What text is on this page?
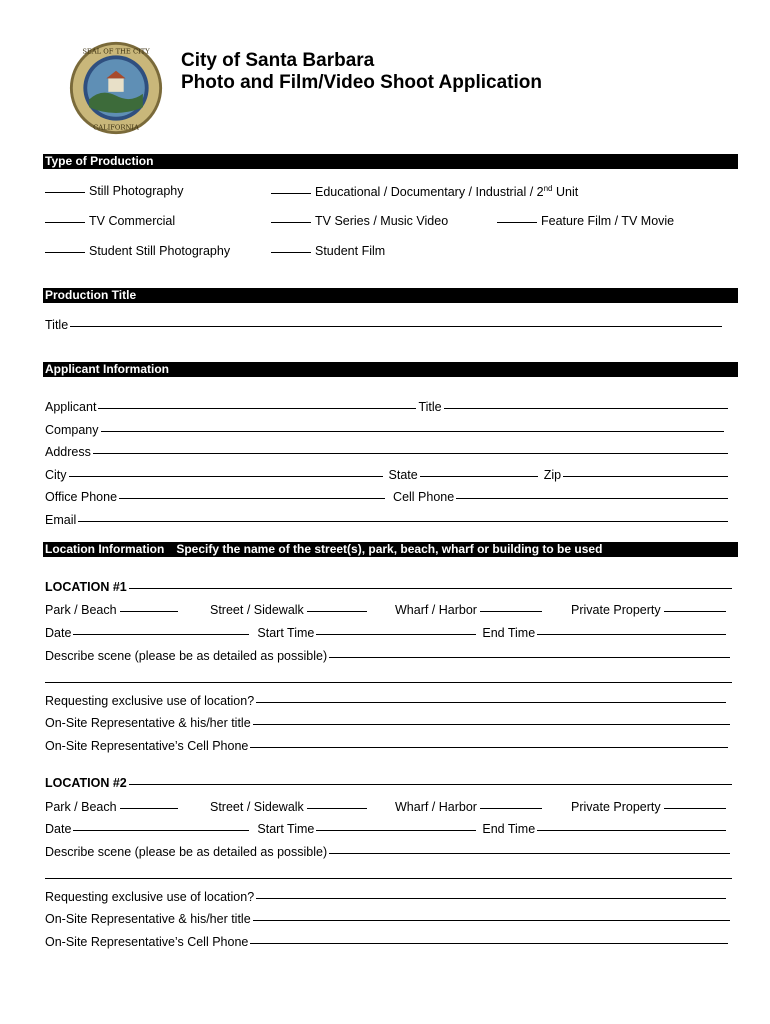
SEAL OF THE CITY
CALIFORNIA
City of Santa Barbara
Photo and Film/Video Shoot Application
Type of Production
Still Photography	Educational / Documentary / Industrial / 2nd Unit
TV Commercial	TV Series / Music Video	Feature Film / TV Movie
Student Still Photography	Student Film
Production Title
Title
Applicant Information
Applicant	Title
Company
Address
City	State	Zip
Office Phone	Cell Phone
Email
Location Information Specify the name of the street(s), park, beach, wharf or building to be used
LOCATION #1
Park / Beach	Street / Sidewalk	Wharf / Harbor	Private Property
Date	Start Time	End Time
Describe scene (please be as detailed as possible)
Requesting exclusive use of location?
On-Site Representative & his/her title
On-Site Representative’s Cell Phone
LOCATION #2
Park / Beach	Street / Sidewalk	Wharf / Harbor	Private Property
Date	Start Time	End Time
Describe scene (please be as detailed as possible)
Requesting exclusive use of location?
On-Site Representative & his/her title
On-Site Representative’s Cell Phone
